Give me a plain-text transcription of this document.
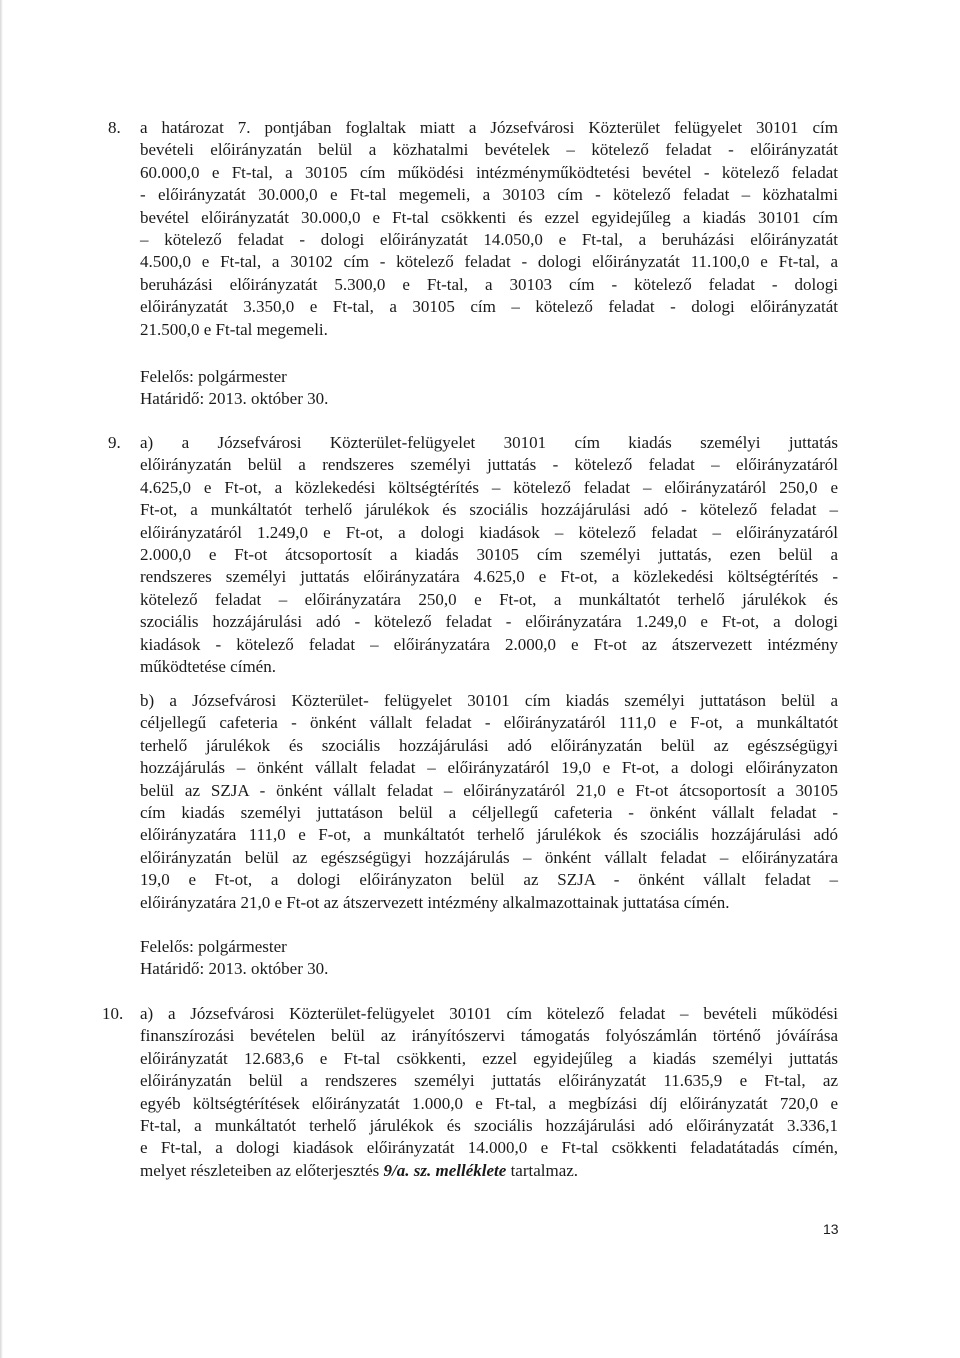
8. a határozat 7. pontjában foglaltak miatt a Józsefvárosi Közterület felügyelet 30101 cím
bevételi előirányzatán belül a közhatalmi bevételek – kötelező feladat - előirányzatát
60.000,0 e Ft-tal, a 30105 cím működési intézményműködtetési bevétel - kötelező feladat
- előirányzatát 30.000,0 e Ft-tal megemeli, a 30103 cím - kötelező feladat – közhatalmi
bevétel előirányzatát 30.000,0 e Ft-tal csökkenti és ezzel egyidejűleg a kiadás 30101 cím
– kötelező feladat - dologi előirányzatát 14.050,0 e Ft-tal, a beruházási előirányzatát
4.500,0 e Ft-tal, a 30102 cím - kötelező feladat - dologi előirányzatát 11.100,0 e Ft-tal, a
beruházási előirányzatát 5.300,0 e Ft-tal, a 30103 cím - kötelező feladat - dologi
előirányzatát 3.350,0 e Ft-tal, a 30105 cím – kötelező feladat - dologi előirányzatát
21.500,0 e Ft-tal megemeli.
Felelős: polgármester
Határidő: 2013. október 30.
9. a) a Józsefvárosi Közterület-felügyelet 30101 cím kiadás személyi juttatás
előirányzatán belül a rendszeres személyi juttatás - kötelező feladat – előirányzatáról
4.625,0 e Ft-ot, a közlekedési költségtérítés – kötelező feladat – előirányzatáról 250,0 e
Ft-ot, a munkáltatót terhelő járulékok és szociális hozzájárulási adó - kötelező feladat –
előirányzatáról 1.249,0 e Ft-ot, a dologi kiadások – kötelező feladat – előirányzatáról
2.000,0 e Ft-ot átcsoportosít a kiadás 30105 cím személyi juttatás, ezen belül a
rendszeres személyi juttatás előirányzatára 4.625,0 e Ft-ot, a közlekedési költségtérítés -
kötelező feladat – előirányzatára 250,0 e Ft-ot, a munkáltatót terhelő járulékok és
szociális hozzájárulási adó - kötelező feladat - előirányzatára 1.249,0 e Ft-ot, a dologi
kiadások - kötelező feladat – előirányzatára 2.000,0 e Ft-ot az átszervezett intézmény
működtetése címén.
b) a Józsefvárosi Közterület- felügyelet 30101 cím kiadás személyi juttatáson belül a
céljellegű cafeteria - önként vállalt feladat - előirányzatáról 111,0 e F-ot, a munkáltatót
terhelő járulékok és szociális hozzájárulási adó előirányzatán belül az egészségügyi
hozzájárulás – önként vállalt feladat – előirányzatáról 19,0 e Ft-ot, a dologi előirányzaton
belül az SZJA - önként vállalt feladat – előirányzatáról 21,0 e Ft-ot átcsoportosít a 30105
cím kiadás személyi juttatáson belül a céljellegű cafeteria - önként vállalt feladat -
előirányzatára 111,0 e F-ot, a munkáltatót terhelő járulékok és szociális hozzájárulási adó
előirányzatán belül az egészségügyi hozzájárulás – önként vállalt feladat – előirányzatára
19,0 e Ft-ot, a dologi előirányzaton belül az SZJA - önként vállalt feladat –
előirányzatára 21,0 e Ft-ot az átszervezett intézmény alkalmazottainak juttatása címén.
Felelős: polgármester
Határidő: 2013. október 30.
10. a) a Józsefvárosi Közterület-felügyelet 30101 cím kötelező feladat – bevételi működési
finanszírozási bevételen belül az irányítószervi támogatás folyószámlán történő jóváírása
előirányzatát 12.683,6 e Ft-tal csökkenti, ezzel egyidejűleg a kiadás személyi juttatás
előirányzatán belül a rendszeres személyi juttatás előirányzatát 11.635,9 e Ft-tal, az
egyéb költségtérítések előirányzatát 1.000,0 e Ft-tal, a megbízási díj előirányzatát 720,0 e
Ft-tal, a munkáltatót terhelő járulékok és szociális hozzájárulási adó előirányzatát 3.336,1
e Ft-tal, a dologi kiadások előirányzatát 14.000,0 e Ft-tal csökkenti feladatátadás címén,
melyet részleteiben az előterjesztés 9/a. sz. melléklete tartalmaz.
13
